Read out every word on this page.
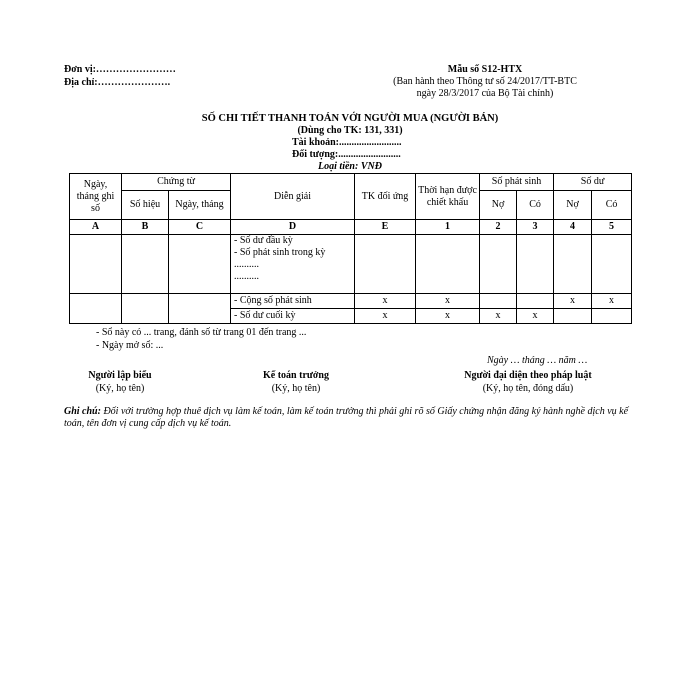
Đơn vị:……………………
Địa chỉ:………………….
Mẫu số S12-HTX
(Ban hành theo Thông tư số 24/2017/TT-BTC
ngày 28/3/2017 của Bộ Tài chính)
SỐ CHI TIẾT THANH TOÁN VỚI NGƯỜI MUA (NGƯỜI BÁN)
(Dùng cho TK: 131, 331)
Tài khoản:.........................
Đối tượng:.........................
Loại tiền: VNĐ
Ngày, tháng ghi số	Chứng từ		Diễn giải	TK đối ứng	Thời hạn được chiết khấu	Số phát sinh		Số dư	
	Số hiệu	Ngày, tháng				Nợ	Có	Nợ	Có
A	B	C	D	E	1	2	3	4	5

			- Số dư đầu kỳ
- Số phát sinh trong kỳ
..........
..........						

			- Cộng số phát sinh	x	x			x	x
			- Số dư cuối kỳ	x	x	x	x		
- Sổ này có ... trang, đánh số từ trang 01 đến trang ...
- Ngày mở sổ: ...
Ngày … tháng … năm …
Người lập biểu
(Ký, họ tên)
Kế toán trưởng
(Ký, họ tên)
Người đại diện theo pháp luật
(Ký, họ tên, đóng dấu)
Ghi chú: Đối với trường hợp thuê dịch vụ làm kế toán, làm kế toán trưởng thì phải ghi rõ số Giấy chứng nhận đăng ký hành nghề dịch vụ kế toán, tên đơn vị cung cấp dịch vụ kế toán.
